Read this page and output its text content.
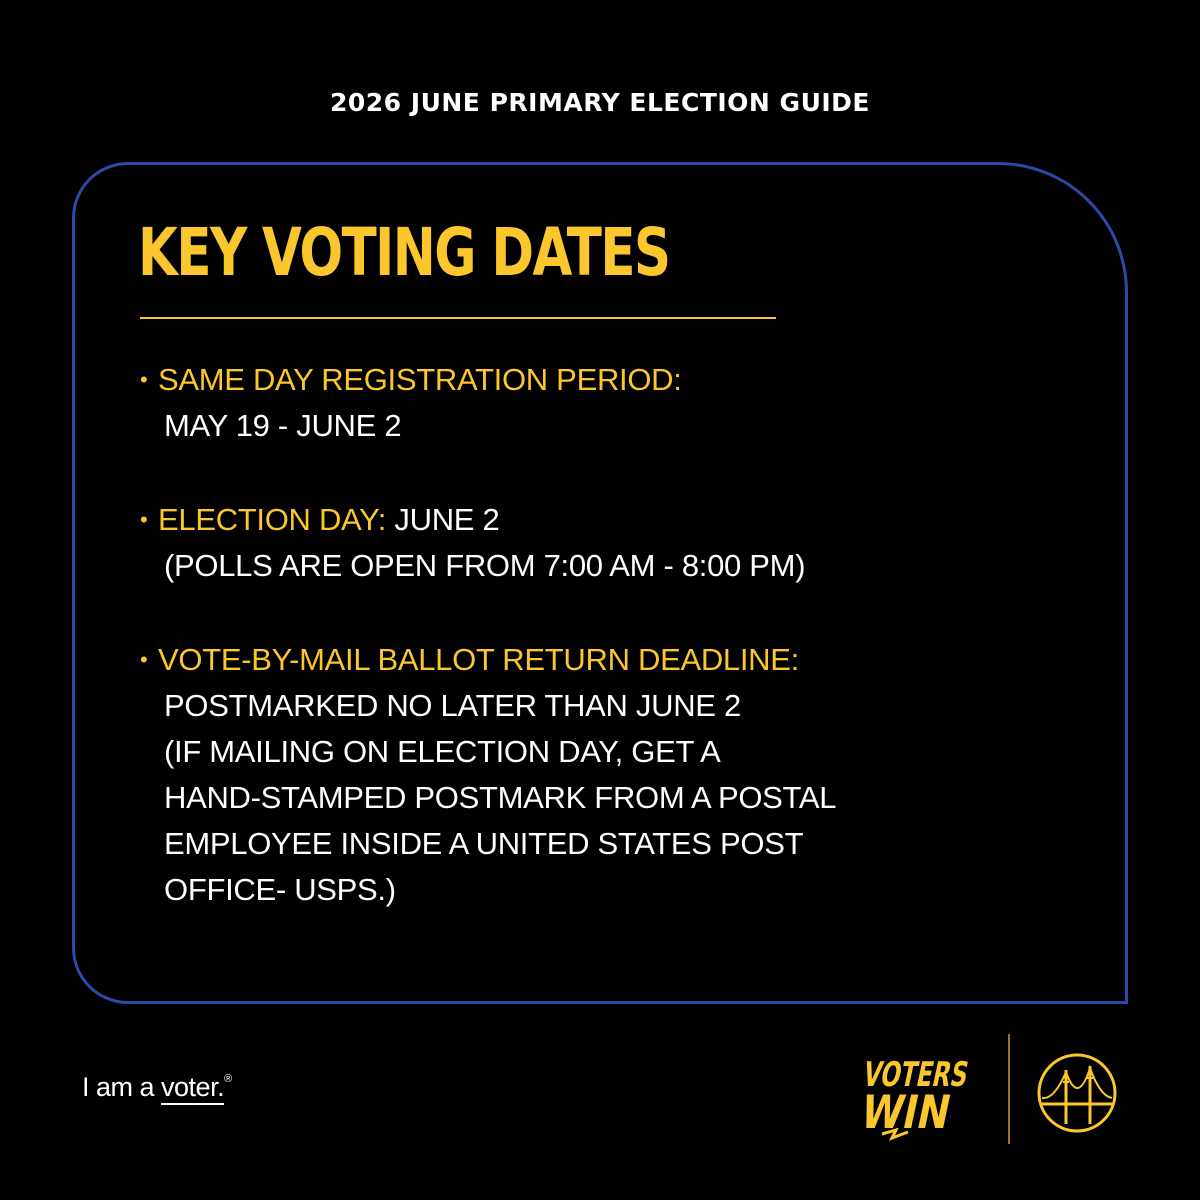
2026 JUNE PRIMARY ELECTION GUIDE
KEY VOTING DATES
• SAME DAY REGISTRATION PERIOD:
MAY 19 - JUNE 2
• ELECTION DAY: JUNE 2
(POLLS ARE OPEN FROM 7:00 AM - 8:00 PM)
• VOTE-BY-MAIL BALLOT RETURN DEADLINE:
POSTMARKED NO LATER THAN JUNE 2
(IF MAILING ON ELECTION DAY, GET A
HAND-STAMPED POSTMARK FROM A POSTAL
EMPLOYEE INSIDE A UNITED STATES POST
OFFICE- USPS.)
I am a voter.®	VOTERS
WIN
